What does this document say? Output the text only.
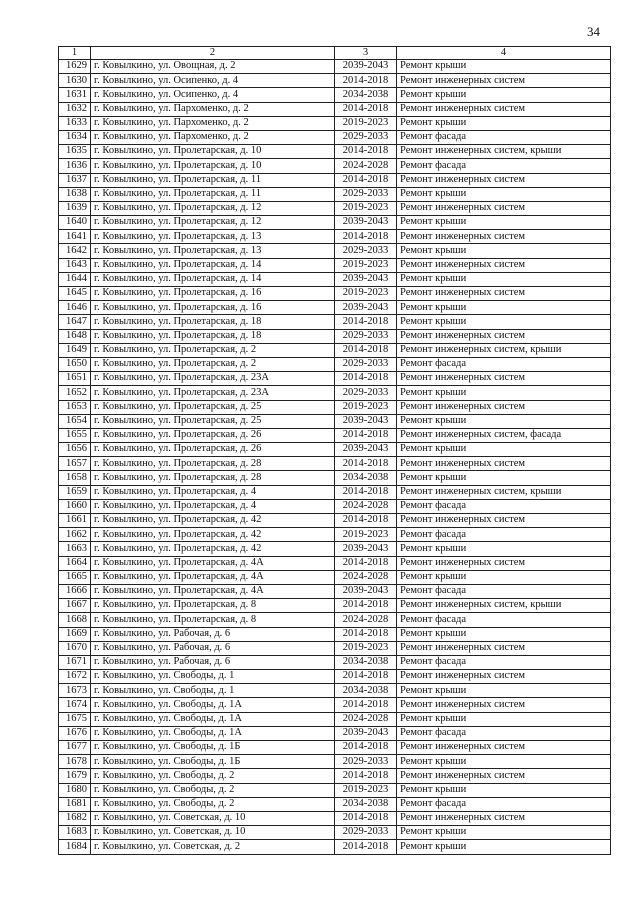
34
1	2	3	4
1629	г. Ковылкино, ул. Овощная, д. 2	2039-2043	Ремонт крыши
1630	г. Ковылкино, ул. Осипенко, д. 4	2014-2018	Ремонт инженерных систем
1631	г. Ковылкино, ул. Осипенко, д. 4	2034-2038	Ремонт крыши
1632	г. Ковылкино, ул. Пархоменко, д. 2	2014-2018	Ремонт инженерных систем
1633	г. Ковылкино, ул. Пархоменко, д. 2	2019-2023	Ремонт крыши
1634	г. Ковылкино, ул. Пархоменко, д. 2	2029-2033	Ремонт фасада
1635	г. Ковылкино, ул. Пролетарская, д. 10	2014-2018	Ремонт инженерных систем, крыши
1636	г. Ковылкино, ул. Пролетарская, д. 10	2024-2028	Ремонт фасада
1637	г. Ковылкино, ул. Пролетарская, д. 11	2014-2018	Ремонт инженерных систем
1638	г. Ковылкино, ул. Пролетарская, д. 11	2029-2033	Ремонт крыши
1639	г. Ковылкино, ул. Пролетарская, д. 12	2019-2023	Ремонт инженерных систем
1640	г. Ковылкино, ул. Пролетарская, д. 12	2039-2043	Ремонт крыши
1641	г. Ковылкино, ул. Пролетарская, д. 13	2014-2018	Ремонт инженерных систем
1642	г. Ковылкино, ул. Пролетарская, д. 13	2029-2033	Ремонт крыши
1643	г. Ковылкино, ул. Пролетарская, д. 14	2019-2023	Ремонт инженерных систем
1644	г. Ковылкино, ул. Пролетарская, д. 14	2039-2043	Ремонт крыши
1645	г. Ковылкино, ул. Пролетарская, д. 16	2019-2023	Ремонт инженерных систем
1646	г. Ковылкино, ул. Пролетарская, д. 16	2039-2043	Ремонт крыши
1647	г. Ковылкино, ул. Пролетарская, д. 18	2014-2018	Ремонт крыши
1648	г. Ковылкино, ул. Пролетарская, д. 18	2029-2033	Ремонт инженерных систем
1649	г. Ковылкино, ул. Пролетарская, д. 2	2014-2018	Ремонт инженерных систем, крыши
1650	г. Ковылкино, ул. Пролетарская, д. 2	2029-2033	Ремонт фасада
1651	г. Ковылкино, ул. Пролетарская, д. 23А	2014-2018	Ремонт инженерных систем
1652	г. Ковылкино, ул. Пролетарская, д. 23А	2029-2033	Ремонт крыши
1653	г. Ковылкино, ул. Пролетарская, д. 25	2019-2023	Ремонт инженерных систем
1654	г. Ковылкино, ул. Пролетарская, д. 25	2039-2043	Ремонт крыши
1655	г. Ковылкино, ул. Пролетарская, д. 26	2014-2018	Ремонт инженерных систем, фасада
1656	г. Ковылкино, ул. Пролетарская, д. 26	2039-2043	Ремонт крыши
1657	г. Ковылкино, ул. Пролетарская, д. 28	2014-2018	Ремонт инженерных систем
1658	г. Ковылкино, ул. Пролетарская, д. 28	2034-2038	Ремонт крыши
1659	г. Ковылкино, ул. Пролетарская, д. 4	2014-2018	Ремонт инженерных систем, крыши
1660	г. Ковылкино, ул. Пролетарская, д. 4	2024-2028	Ремонт фасада
1661	г. Ковылкино, ул. Пролетарская, д. 42	2014-2018	Ремонт инженерных систем
1662	г. Ковылкино, ул. Пролетарская, д. 42	2019-2023	Ремонт фасада
1663	г. Ковылкино, ул. Пролетарская, д. 42	2039-2043	Ремонт крыши
1664	г. Ковылкино, ул. Пролетарская, д. 4А	2014-2018	Ремонт инженерных систем
1665	г. Ковылкино, ул. Пролетарская, д. 4А	2024-2028	Ремонт крыши
1666	г. Ковылкино, ул. Пролетарская, д. 4А	2039-2043	Ремонт фасада
1667	г. Ковылкино, ул. Пролетарская, д. 8	2014-2018	Ремонт инженерных систем, крыши
1668	г. Ковылкино, ул. Пролетарская, д. 8	2024-2028	Ремонт фасада
1669	г. Ковылкино, ул. Рабочая, д. 6	2014-2018	Ремонт крыши
1670	г. Ковылкино, ул. Рабочая, д. 6	2019-2023	Ремонт инженерных систем
1671	г. Ковылкино, ул. Рабочая, д. 6	2034-2038	Ремонт фасада
1672	г. Ковылкино, ул. Свободы, д. 1	2014-2018	Ремонт инженерных систем
1673	г. Ковылкино, ул. Свободы, д. 1	2034-2038	Ремонт крыши
1674	г. Ковылкино, ул. Свободы, д. 1А	2014-2018	Ремонт инженерных систем
1675	г. Ковылкино, ул. Свободы, д. 1А	2024-2028	Ремонт крыши
1676	г. Ковылкино, ул. Свободы, д. 1А	2039-2043	Ремонт фасада
1677	г. Ковылкино, ул. Свободы, д. 1Б	2014-2018	Ремонт инженерных систем
1678	г. Ковылкино, ул. Свободы, д. 1Б	2029-2033	Ремонт крыши
1679	г. Ковылкино, ул. Свободы, д. 2	2014-2018	Ремонт инженерных систем
1680	г. Ковылкино, ул. Свободы, д. 2	2019-2023	Ремонт крыши
1681	г. Ковылкино, ул. Свободы, д. 2	2034-2038	Ремонт фасада
1682	г. Ковылкино, ул. Советская, д. 10	2014-2018	Ремонт инженерных систем
1683	г. Ковылкино, ул. Советская, д. 10	2029-2033	Ремонт крыши
1684	г. Ковылкино, ул. Советская, д. 2	2014-2018	Ремонт крыши
